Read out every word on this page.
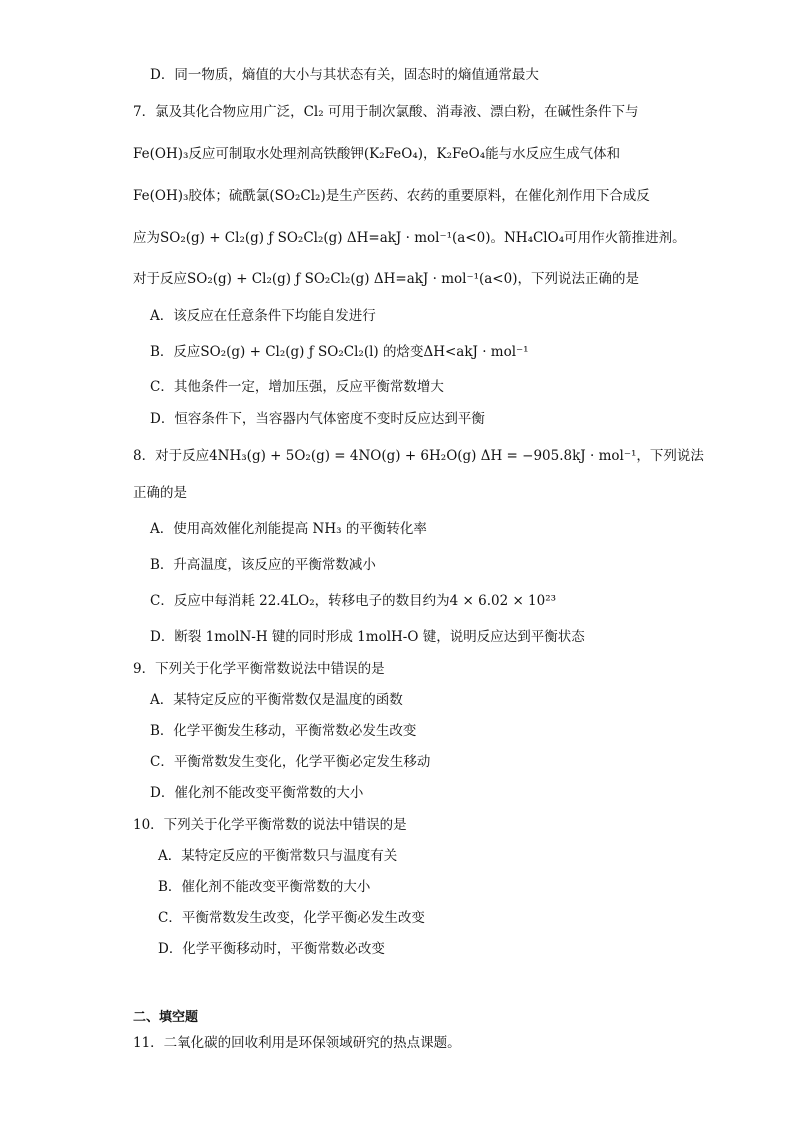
D．同一物质，熵值的大小与其状态有关，固态时的熵值通常最大
7．氯及其化合物应用广泛，Cl₂ 可用于制次氯酸、消毒液、漂白粉，在碱性条件下与
Fe(OH)₃反应可制取水处理剂高铁酸钾(K₂FeO₄)，K₂FeO₄能与水反应生成气体和
Fe(OH)₃胶体；硫酰氯(SO₂Cl₂)是生产医药、农药的重要原料，在催化剂作用下合成反
应为SO₂(g) + Cl₂(g) ƒ SO₂Cl₂(g) ΔH=akJ · mol⁻¹(a<0)。NH₄ClO₄可用作火箭推进剂。
对于反应SO₂(g) + Cl₂(g) ƒ SO₂Cl₂(g) ΔH=akJ · mol⁻¹(a<0)，下列说法正确的是
A．该反应在任意条件下均能自发进行
B．反应SO₂(g) + Cl₂(g) ƒ SO₂Cl₂(l) 的焓变ΔH<akJ · mol⁻¹
C．其他条件一定，增加压强，反应平衡常数增大
D．恒容条件下，当容器内气体密度不变时反应达到平衡
8．对于反应4NH₃(g) + 5O₂(g) = 4NO(g) + 6H₂O(g) ΔH = −905.8kJ · mol⁻¹，下列说法
正确的是
A．使用高效催化剂能提高 NH₃ 的平衡转化率
B．升高温度，该反应的平衡常数减小
C．反应中每消耗 22.4LO₂，转移电子的数目约为4 × 6.02 × 10²³
D．断裂 1molN-H 键的同时形成 1molH-O 键，说明反应达到平衡状态
9．下列关于化学平衡常数说法中错误的是
A．某特定反应的平衡常数仅是温度的函数
B．化学平衡发生移动，平衡常数必发生改变
C．平衡常数发生变化，化学平衡必定发生移动
D．催化剂不能改变平衡常数的大小
10．下列关于化学平衡常数的说法中错误的是
A．某特定反应的平衡常数只与温度有关
B．催化剂不能改变平衡常数的大小
C．平衡常数发生改变，化学平衡必发生改变
D．化学平衡移动时，平衡常数必改变
二、填空题
11．二氧化碳的回收利用是环保领域研究的热点课题。
